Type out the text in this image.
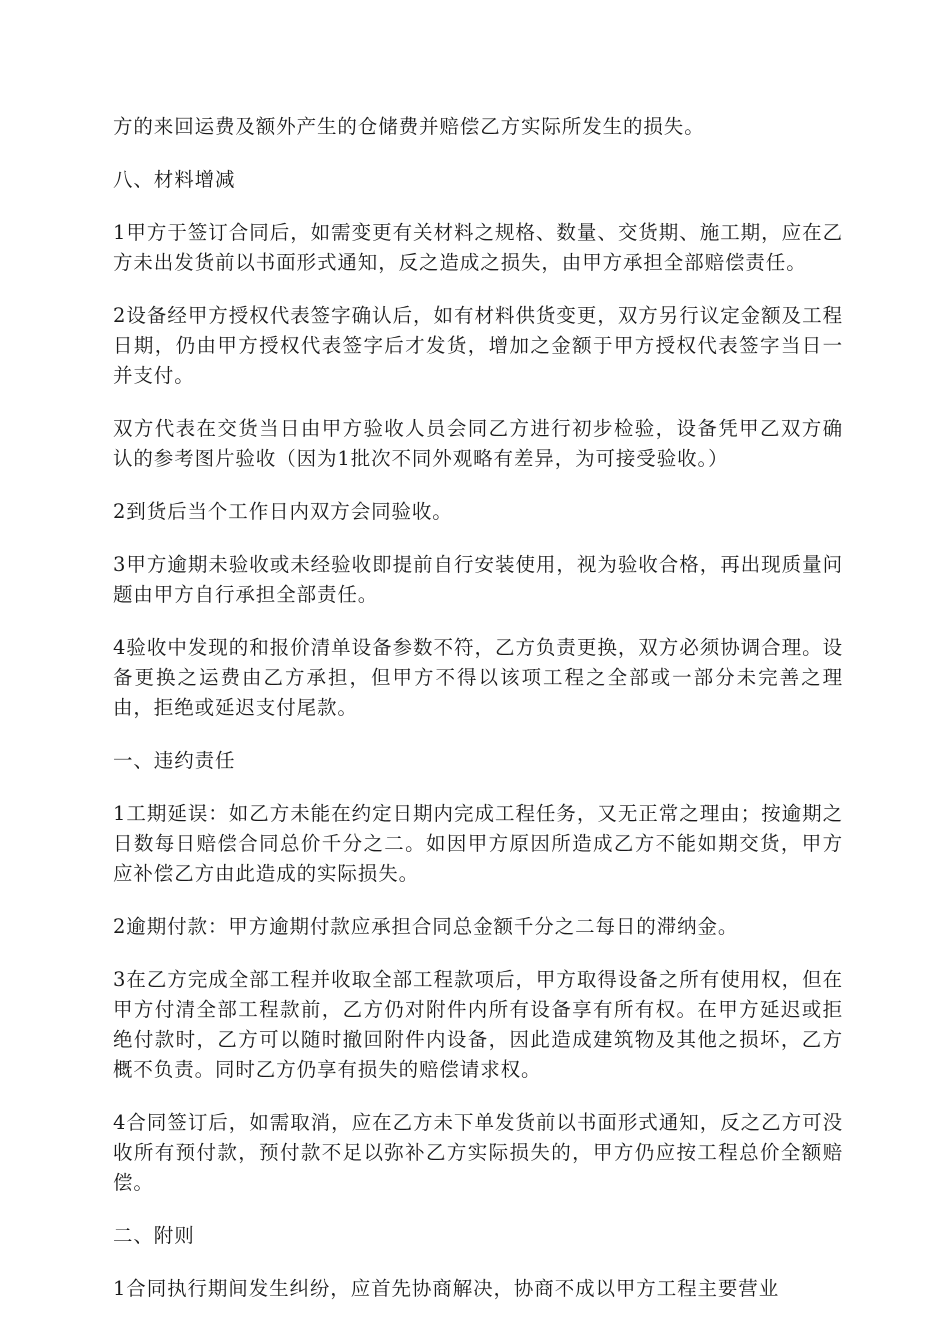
方的来回运费及额外产生的仓储费并赔偿乙方实际所发生的损失。

八、材料增减

1甲方于签订合同后，如需变更有关材料之规格、数量、交货期、施工期，应在乙方未出发货前以书面形式通知，反之造成之损失，由甲方承担全部赔偿责任。

2设备经甲方授权代表签字确认后，如有材料供货变更，双方另行议定金额及工程日期，仍由甲方授权代表签字后才发货，增加之金额于甲方授权代表签字当日一并支付。

双方代表在交货当日由甲方验收人员会同乙方进行初步检验，设备凭甲乙双方确认的参考图片验收（因为1批次不同外观略有差异，为可接受验收。）

2到货后当个工作日内双方会同验收。

3甲方逾期未验收或未经验收即提前自行安装使用，视为验收合格，再出现质量问题由甲方自行承担全部责任。

4验收中发现的和报价清单设备参数不符，乙方负责更换，双方必须协调合理。设备更换之运费由乙方承担，但甲方不得以该项工程之全部或一部分未完善之理由，拒绝或延迟支付尾款。

一、违约责任

1工期延误：如乙方未能在约定日期内完成工程任务，又无正常之理由；按逾期之日数每日赔偿合同总价千分之二。如因甲方原因所造成乙方不能如期交货，甲方应补偿乙方由此造成的实际损失。

2逾期付款：甲方逾期付款应承担合同总金额千分之二每日的滞纳金。

3在乙方完成全部工程并收取全部工程款项后，甲方取得设备之所有使用权，但在甲方付清全部工程款前，乙方仍对附件内所有设备享有所有权。在甲方延迟或拒绝付款时，乙方可以随时撤回附件内设备，因此造成建筑物及其他之损坏，乙方概不负责。同时乙方仍享有损失的赔偿请求权。

4合同签订后，如需取消，应在乙方未下单发货前以书面形式通知，反之乙方可没收所有预付款，预付款不足以弥补乙方实际损失的，甲方仍应按工程总价全额赔偿。

二、附则

1合同执行期间发生纠纷，应首先协商解决，协商不成以甲方工程主要营业
